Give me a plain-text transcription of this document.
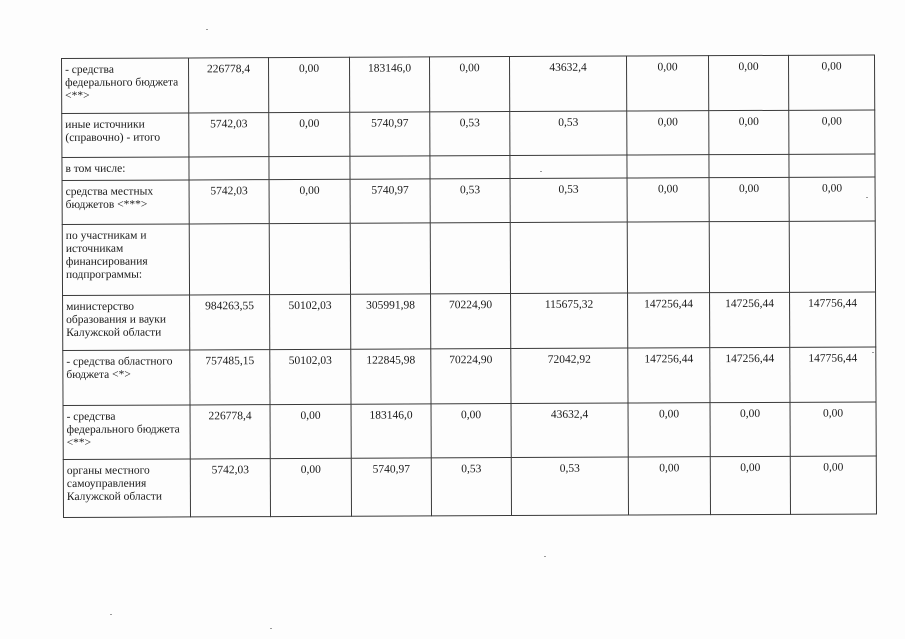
- средства федерального бюджета <**>	226778,4	0,00	183146,0	0,00	43632,4	0,00	0,00	0,00
иные источники (справочно) - итого	5742,03	0,00	5740,97	0,53	0,53	0,00	0,00	0,00
в том числе:								
средства местных бюджетов <***>	5742,03	0,00	5740,97	0,53	0,53	0,00	0,00	0,00
по участникам и источникам финансирования подпрограммы:								
министерство образования и вауки Калужской области	984263,55	50102,03	305991,98	70224,90	115675,32	147256,44	147256,44	147756,44
- средства областного бюджета <*>	757485,15	50102,03	122845,98	70224,90	72042,92	147256,44	147256,44	147756,44
- средства федерального бюджета <**>	226778,4	0,00	183146,0	0,00	43632,4	0,00	0,00	0,00
органы местного самоуправления Калужской области	5742,03	0,00	5740,97	0,53	0,53	0,00	0,00	0,00
